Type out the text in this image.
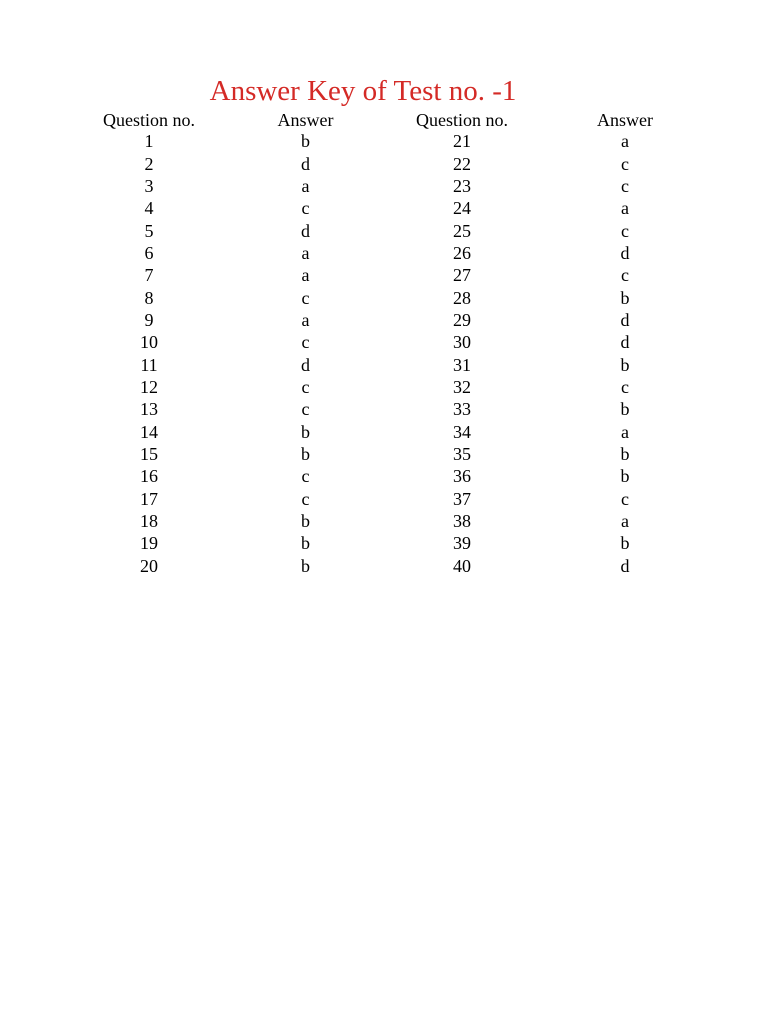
Answer Key of Test no. -1
Question no.	Answer	Question no.	Answer
1	b	21	a
2	d	22	c
3	a	23	c
4	c	24	a
5	d	25	c
6	a	26	d
7	a	27	c
8	c	28	b
9	a	29	d
10	c	30	d
11	d	31	b
12	c	32	c
13	c	33	b
14	b	34	a
15	b	35	b
16	c	36	b
17	c	37	c
18	b	38	a
19	b	39	b
20	b	40	d
